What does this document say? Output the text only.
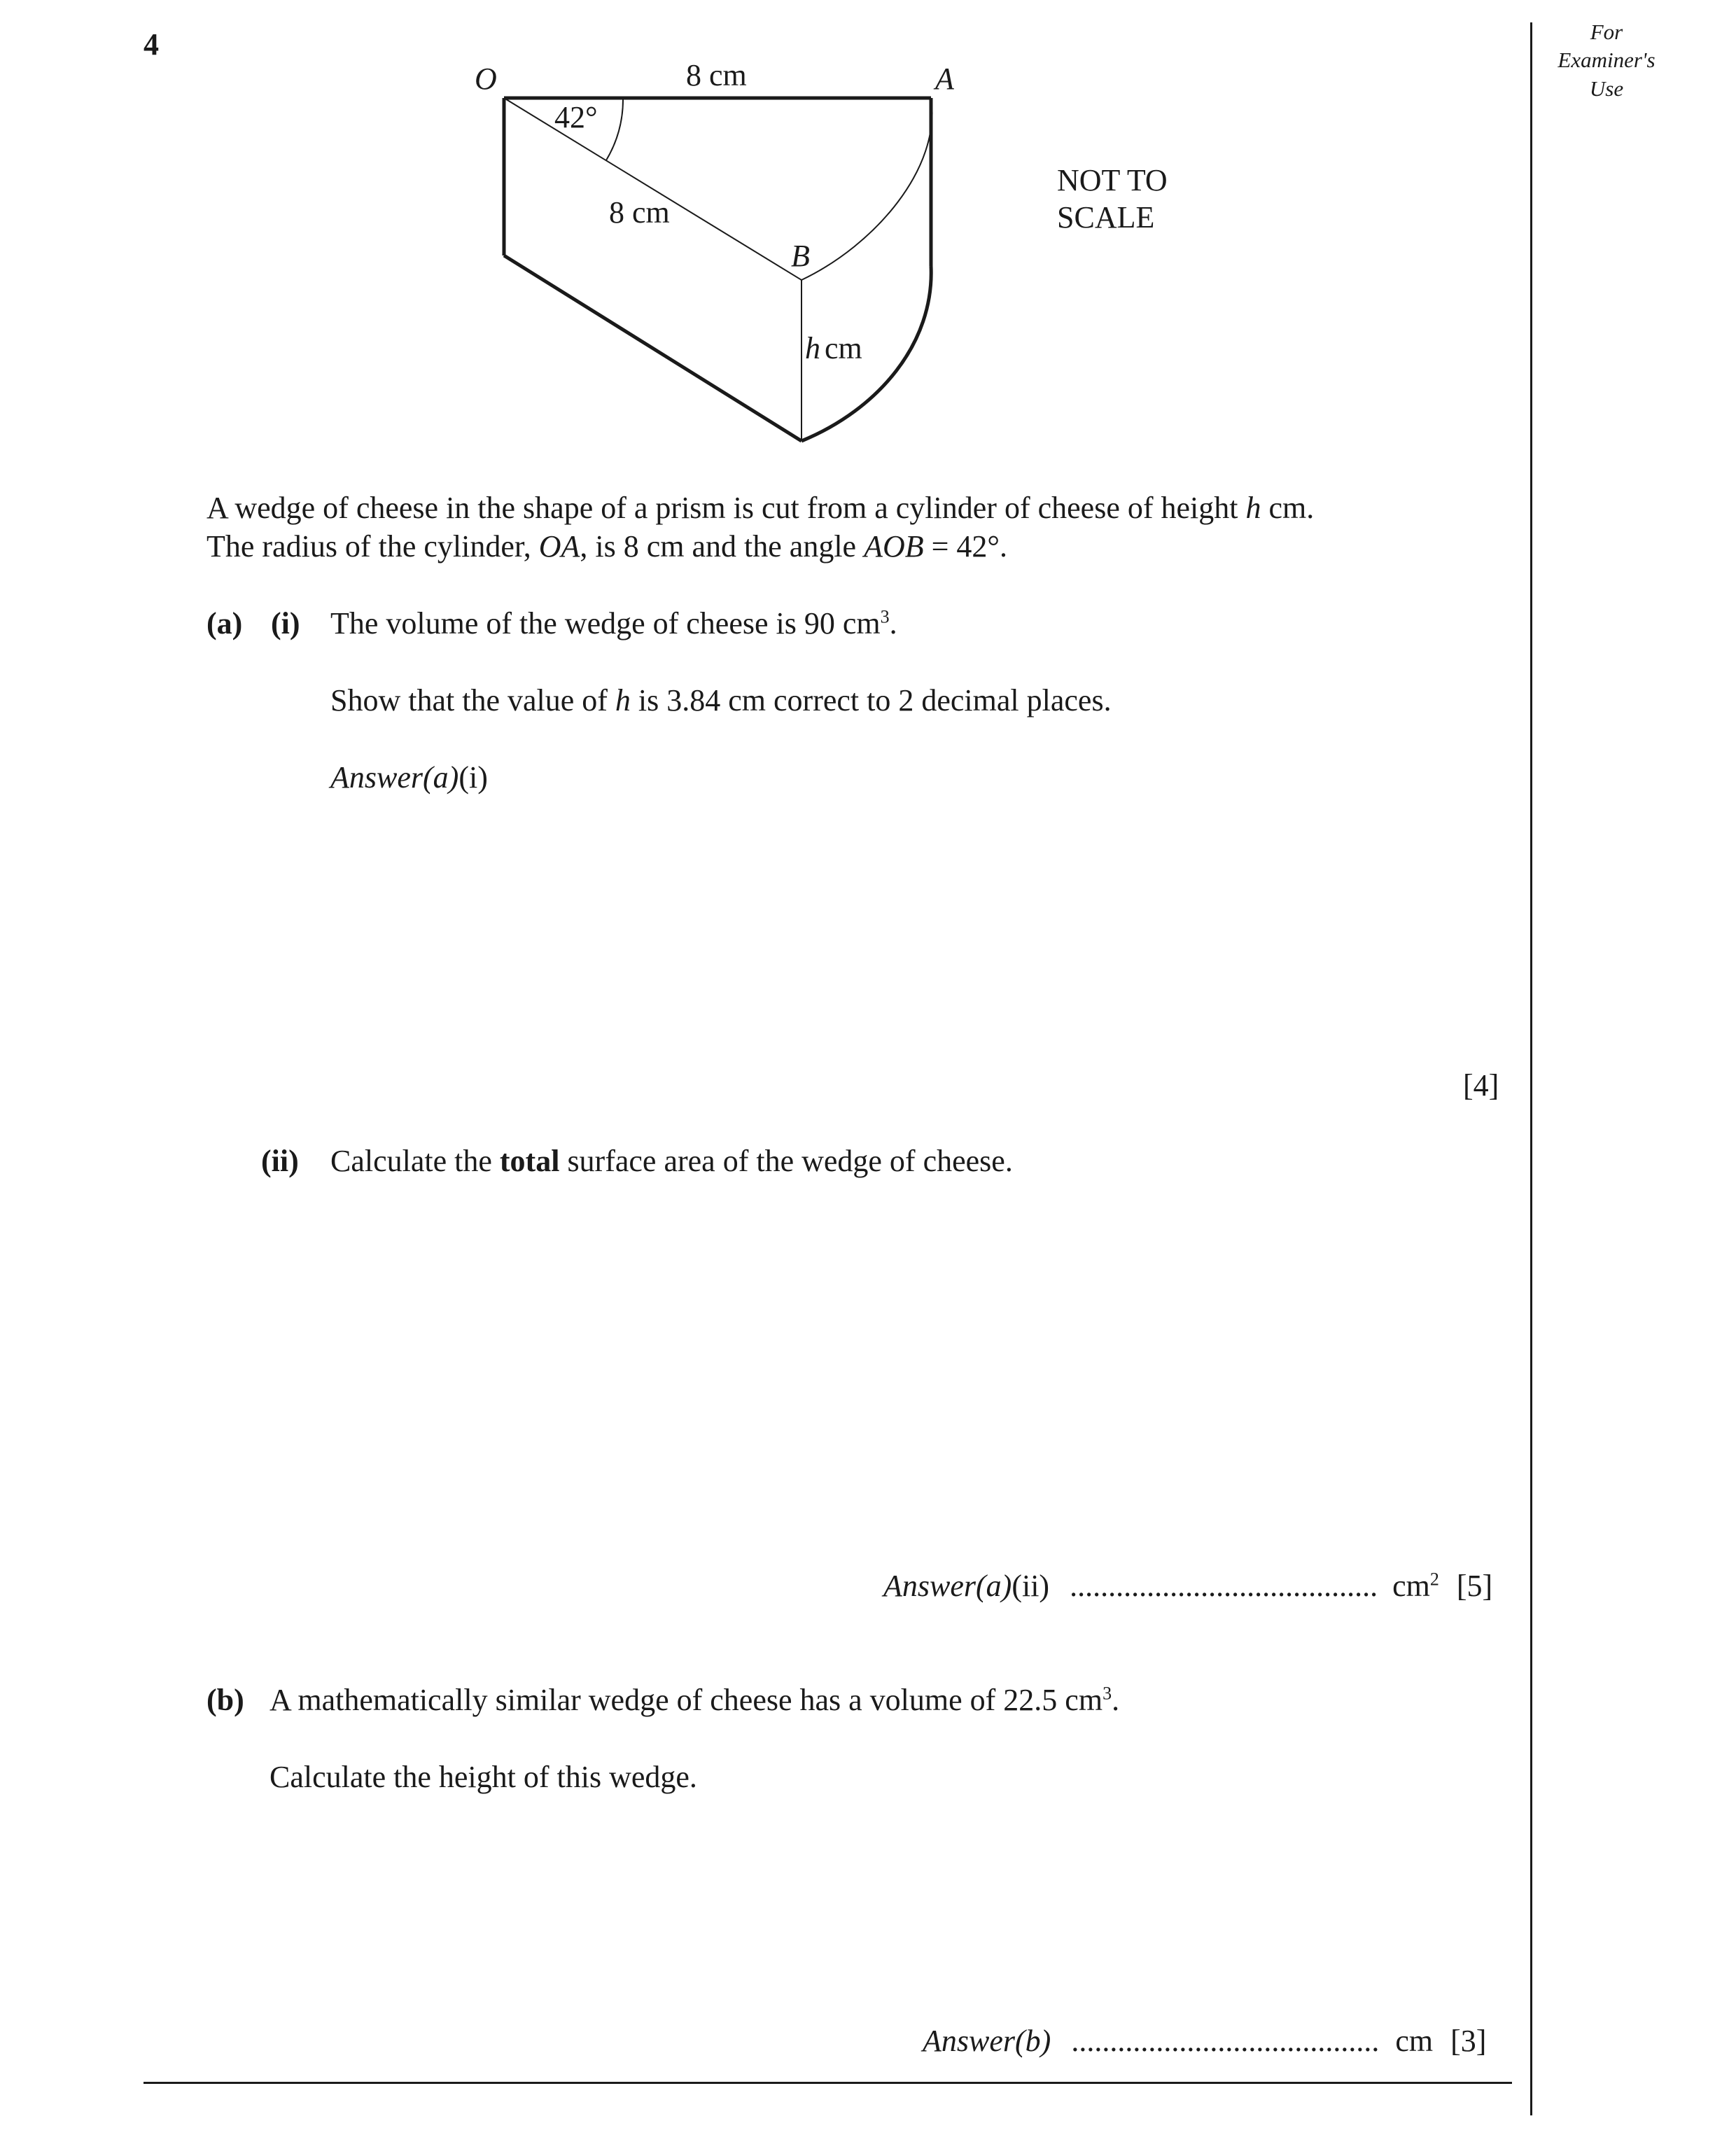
4	For
Examiner's
Use
O	A
B
8 cm
8 cm
42°
h cm
NOT TO
SCALE
A wedge of cheese in the shape of a prism is cut from a cylinder of cheese of height h cm.
The radius of the cylinder, OA, is 8 cm and the angle AOB = 42°.
(a) (i) The volume of the wedge of cheese is 90 $cm^3$.
Show that the value of h is 3.84 cm correct to 2 decimal places.
Answer(a)(i)
[4]
(ii) Calculate the total surface area of the wedge of cheese.
Answer(a)(ii) ........................................ $cm^2$ [5]
(b) A mathematically similar wedge of cheese has a volume of 22.5 $cm^3$.
Calculate the height of this wedge.
Answer(b) ........................................ cm [3]
